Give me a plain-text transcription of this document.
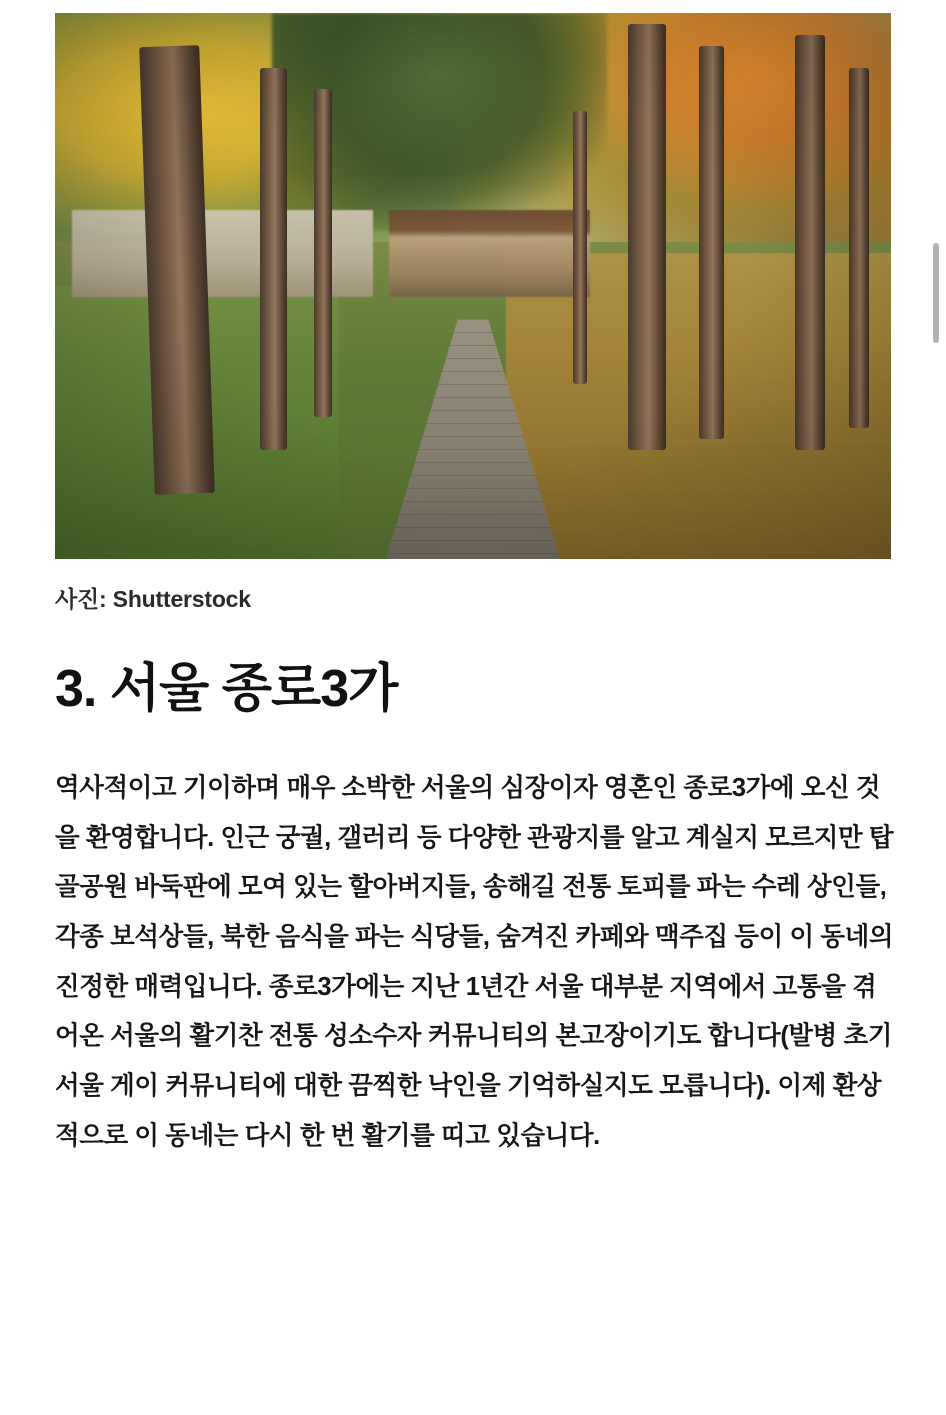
사진: Shutterstock
3. 서울 종로3가

역사적이고 기이하며 매우 소박한 서울의 심장이자 영혼인 종로3가에 오신 것을 환영합니다. 인근 궁궐, 갤러리 등 다양한 관광지를 알고 계실지 모르지만 탑골공원 바둑판에 모여 있는 할아버지들, 송해길 전통 토피를 파는 수레 상인들, 각종 보석상들, 북한 음식을 파는 식당들, 숨겨진 카페와 맥주집 등이 이 동네의 진정한 매력입니다. 종로3가에는 지난 1년간 서울 대부분 지역에서 고통을 겪어온 서울의 활기찬 전통 성소수자 커뮤니티의 본고장이기도 합니다(발병 초기 서울 게이 커뮤니티에 대한 끔찍한 낙인을 기억하실지도 모릅니다). 이제 환상적으로 이 동네는 다시 한 번 활기를 띠고 있습니다.
